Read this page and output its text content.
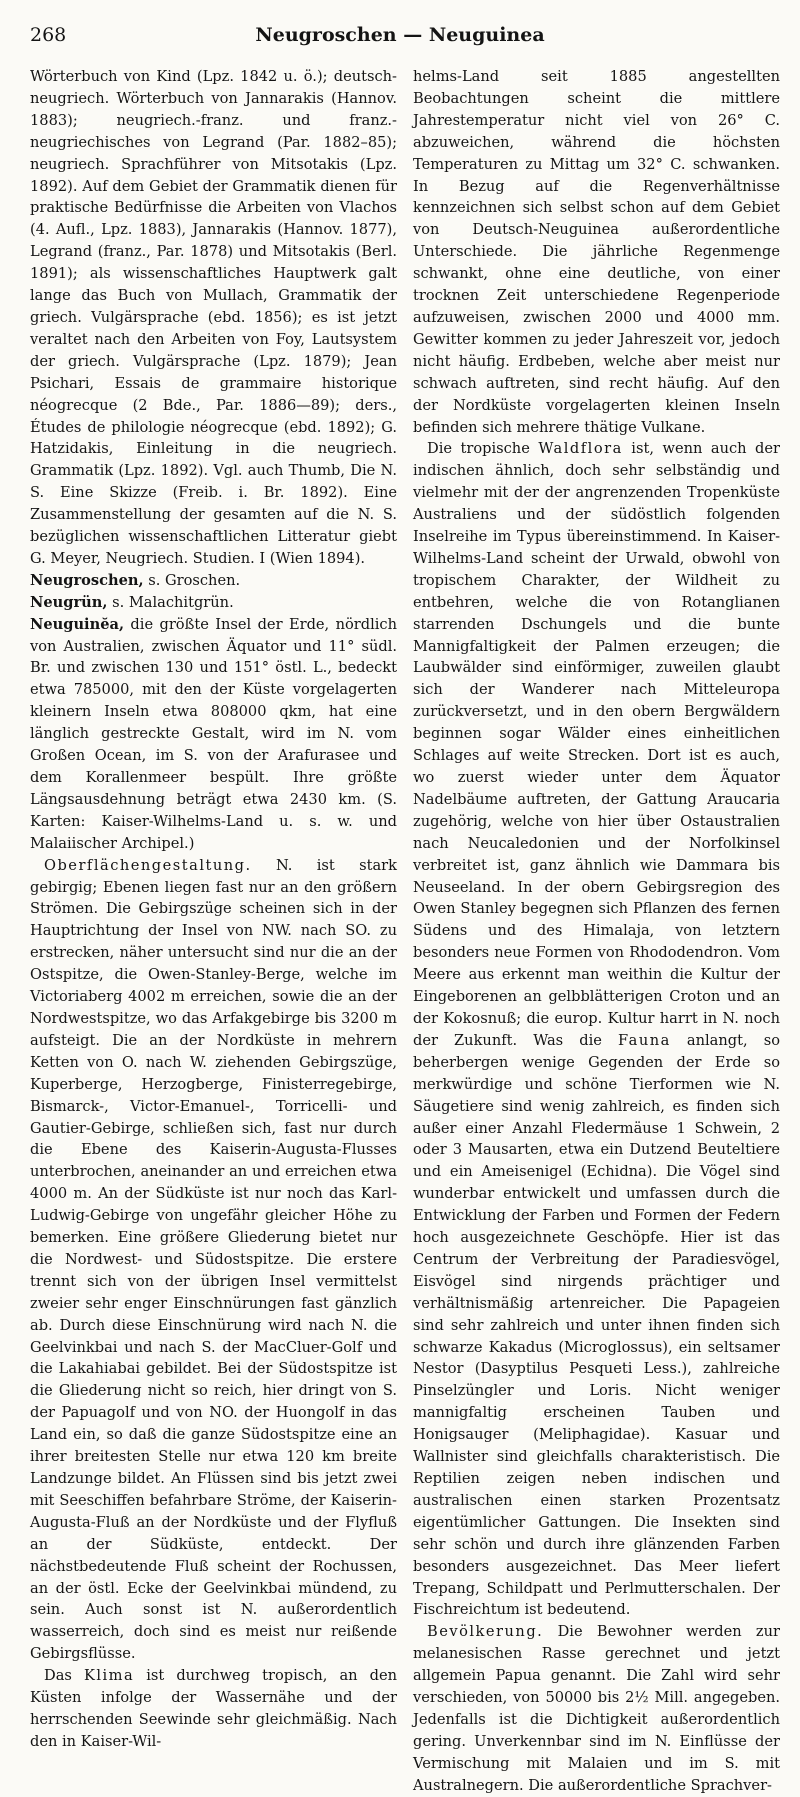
268	Neugroschen — Neuguinea

Wörterbuch von Kind (Lpz. 1842 u. ö.); deutsch-neugriech. Wörterbuch von Jannarakis (Hannov. 1883); neugriech.-franz. und franz.-neugriechisches von Legrand (Par. 1882–85); neugriech. Sprachführer von Mitsotakis (Lpz. 1892). Auf dem Gebiet der Grammatik dienen für praktische Bedürfnisse die Arbeiten von Vlachos (4. Aufl., Lpz. 1883), Jannarakis (Hannov. 1877), Legrand (franz., Par. 1878) und Mitsotakis (Berl. 1891); als wissenschaftliches Hauptwerk galt lange das Buch von Mullach, Grammatik der griech. Vulgärsprache (ebd. 1856); es ist jetzt veraltet nach den Arbeiten von Foy, Lautsystem der griech. Vulgärsprache (Lpz. 1879); Jean Psichari, Essais de grammaire historique néogrecque (2 Bde., Par. 1886—89); ders., Études de philologie néogrecque (ebd. 1892); G. Hatzidakis, Einleitung in die neugriech. Grammatik (Lpz. 1892). Vgl. auch Thumb, Die N. S. Eine Skizze (Freib. i. Br. 1892). Eine Zusammenstellung der gesamten auf die N. S. bezüglichen wissenschaftlichen Litteratur giebt G. Meyer, Neugriech. Studien. I (Wien 1894).

Neugroschen, s. Groschen.

Neugrün, s. Malachitgrün.

Neuguinĕa, die größte Insel der Erde, nördlich von Australien, zwischen Äquator und 11° südl. Br. und zwischen 130 und 151° östl. L., bedeckt etwa 785000, mit den der Küste vorgelagerten kleinern Inseln etwa 808000 qkm, hat eine länglich gestreckte Gestalt, wird im N. vom Großen Ocean, im S. von der Arafurasee und dem Korallenmeer bespült. Ihre größte Längsausdehnung beträgt etwa 2430 km. (S. Karten: Kaiser-Wilhelms-Land u. s. w. und Malaiischer Archipel.)

Oberflächengestaltung. N. ist stark gebirgig; Ebenen liegen fast nur an den größern Strömen. Die Gebirgszüge scheinen sich in der Hauptrichtung der Insel von NW. nach SO. zu erstrecken, näher untersucht sind nur die an der Ostspitze, die Owen-Stanley-Berge, welche im Victoriaberg 4002 m erreichen, sowie die an der Nordwestspitze, wo das Arfakgebirge bis 3200 m aufsteigt. Die an der Nordküste in mehrern Ketten von O. nach W. ziehenden Gebirgszüge, Kuperberge, Herzogberge, Finisterregebirge, Bismarck-, Victor-Emanuel-, Torricelli- und Gautier-Gebirge, schließen sich, fast nur durch die Ebene des Kaiserin-Augusta-Flusses unterbrochen, aneinander an und erreichen etwa 4000 m. An der Südküste ist nur noch das Karl-Ludwig-Gebirge von ungefähr gleicher Höhe zu bemerken. Eine größere Gliederung bietet nur die Nordwest- und Südostspitze. Die erstere trennt sich von der übrigen Insel vermittelst zweier sehr enger Einschnürungen fast gänzlich ab. Durch diese Einschnürung wird nach N. die Geelvinkbai und nach S. der MacCluer-Golf und die Lakahiabai gebildet. Bei der Südostspitze ist die Gliederung nicht so reich, hier dringt von S. der Papuagolf und von NO. der Huongolf in das Land ein, so daß die ganze Südostspitze eine an ihrer breitesten Stelle nur etwa 120 km breite Landzunge bildet. An Flüssen sind bis jetzt zwei mit Seeschiffen befahrbare Ströme, der Kaiserin-Augusta-Fluß an der Nordküste und der Flyfluß an der Südküste, entdeckt. Der nächstbedeutende Fluß scheint der Rochussen, an der östl. Ecke der Geelvinkbai mündend, zu sein. Auch sonst ist N. außerordentlich wasserreich, doch sind es meist nur reißende Gebirgsflüsse.

Das Klima ist durchweg tropisch, an den Küsten infolge der Wassernähe und der herrschenden Seewinde sehr gleichmäßig. Nach den in Kaiser-Wil-

helms-Land seit 1885 angestellten Beobachtungen scheint die mittlere Jahrestemperatur nicht viel von 26° C. abzuweichen, während die höchsten Temperaturen zu Mittag um 32° C. schwanken. In Bezug auf die Regenverhältnisse kennzeichnen sich selbst schon auf dem Gebiet von Deutsch-Neuguinea außerordentliche Unterschiede. Die jährliche Regenmenge schwankt, ohne eine deutliche, von einer trocknen Zeit unterschiedene Regenperiode aufzuweisen, zwischen 2000 und 4000 mm. Gewitter kommen zu jeder Jahreszeit vor, jedoch nicht häufig. Erdbeben, welche aber meist nur schwach auftreten, sind recht häufig. Auf den der Nordküste vorgelagerten kleinen Inseln befinden sich mehrere thätige Vulkane.

Die tropische Waldflora ist, wenn auch der indischen ähnlich, doch sehr selbständig und vielmehr mit der der angrenzenden Tropenküste Australiens und der südöstlich folgenden Inselreihe im Typus übereinstimmend. In Kaiser-Wilhelms-Land scheint der Urwald, obwohl von tropischem Charakter, der Wildheit zu entbehren, welche die von Rotanglianen starrenden Dschungels und die bunte Mannigfaltigkeit der Palmen erzeugen; die Laubwälder sind einförmiger, zuweilen glaubt sich der Wanderer nach Mitteleuropa zurückversetzt, und in den obern Bergwäldern beginnen sogar Wälder eines einheitlichen Schlages auf weite Strecken. Dort ist es auch, wo zuerst wieder unter dem Äquator Nadelbäume auftreten, der Gattung Araucaria zugehörig, welche von hier über Ostaustralien nach Neucaledonien und der Norfolkinsel verbreitet ist, ganz ähnlich wie Dammara bis Neuseeland. In der obern Gebirgsregion des Owen Stanley begegnen sich Pflanzen des fernen Südens und des Himalaja, von letztern besonders neue Formen von Rhododendron. Vom Meere aus erkennt man weithin die Kultur der Eingeborenen an gelbblätterigen Croton und an der Kokosnuß; die europ. Kultur harrt in N. noch der Zukunft. Was die Fauna anlangt, so beherbergen wenige Gegenden der Erde so merkwürdige und schöne Tierformen wie N. Säugetiere sind wenig zahlreich, es finden sich außer einer Anzahl Fledermäuse 1 Schwein, 2 oder 3 Mausarten, etwa ein Dutzend Beuteltiere und ein Ameisenigel (Echidna). Die Vögel sind wunderbar entwickelt und umfassen durch die Entwicklung der Farben und Formen der Federn hoch ausgezeichnete Geschöpfe. Hier ist das Centrum der Verbreitung der Paradiesvögel, Eisvögel sind nirgends prächtiger und verhältnismäßig artenreicher. Die Papageien sind sehr zahlreich und unter ihnen finden sich schwarze Kakadus (Microglossus), ein seltsamer Nestor (Dasyptilus Pesqueti Less.), zahlreiche Pinselzüngler und Loris. Nicht weniger mannigfaltig erscheinen Tauben und Honigsauger (Meliphagidae). Kasuar und Wallnister sind gleichfalls charakteristisch. Die Reptilien zeigen neben indischen und australischen einen starken Prozentsatz eigentümlicher Gattungen. Die Insekten sind sehr schön und durch ihre glänzenden Farben besonders ausgezeichnet. Das Meer liefert Trepang, Schildpatt und Perlmutterschalen. Der Fischreichtum ist bedeutend.

Bevölkerung. Die Bewohner werden zur melanesischen Rasse gerechnet und jetzt allgemein Papua genannt. Die Zahl wird sehr verschieden, von 50000 bis 2½ Mill. angegeben. Jedenfalls ist die Dichtigkeit außerordentlich gering. Unverkennbar sind im N. Einflüsse der Vermischung mit Malaien und im S. mit Australnegern. Die außerordentliche Sprachver-
